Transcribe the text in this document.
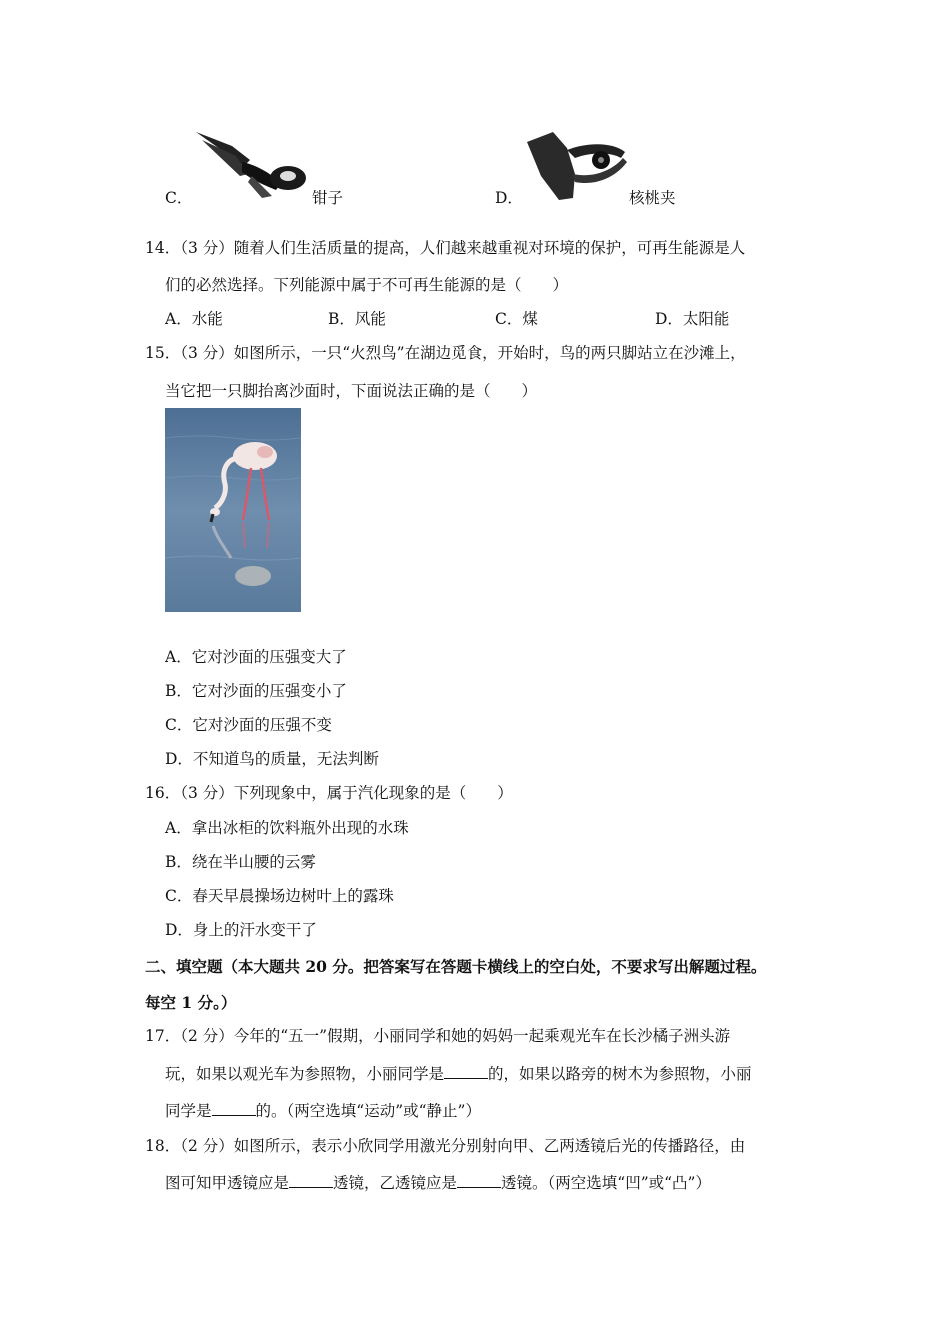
C．	钳子	D．	核桃夹
14．（3 分）随着人们生活质量的提高，人们越来越重视对环境的保护，可再生能源是人
们的必然选择。下列能源中属于不可再生能源的是（　　）
A．水能	B．风能	C．煤	D．太阳能
15．（3 分）如图所示，一只“火烈鸟”在湖边觅食，开始时，鸟的两只脚站立在沙滩上，
当它把一只脚抬离沙面时，下面说法正确的是（　　）
A．它对沙面的压强变大了
B．它对沙面的压强变小了
C．它对沙面的压强不变
D．不知道鸟的质量，无法判断
16．（3 分）下列现象中，属于汽化现象的是（　　）
A．拿出冰柜的饮料瓶外出现的水珠
B．绕在半山腰的云雾
C．春天早晨操场边树叶上的露珠
D．身上的汗水变干了
二、填空题（本大题共 20 分。把答案写在答题卡横线上的空白处，不要求写出解题过程。
每空 1 分。）
17．（2 分）今年的“五一”假期，小丽同学和她的妈妈一起乘观光车在长沙橘子洲头游
玩，如果以观光车为参照物，小丽同学是	的，如果以路旁的树木为参照物，小丽
同学是	的。（两空选填“运动”或“静止”）
18．（2 分）如图所示，表示小欣同学用激光分别射向甲、乙两透镜后光的传播路径，由
图可知甲透镜应是	透镜，乙透镜应是	透镜。（两空选填“凹”或“凸”）
